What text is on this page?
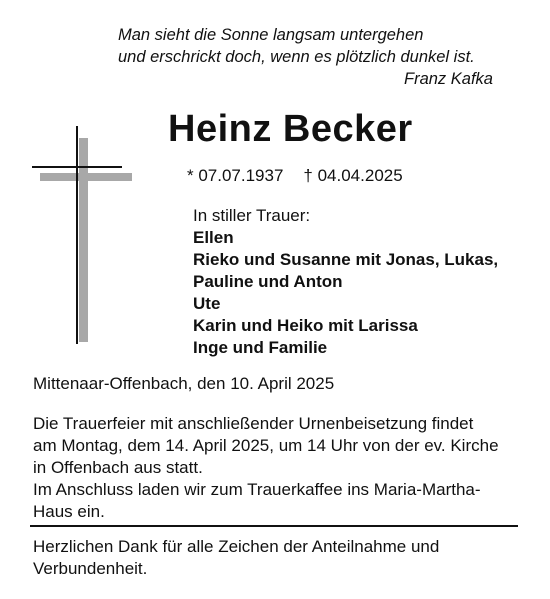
Man sieht die Sonne langsam untergehen
und erschrickt doch, wenn es plötzlich dunkel ist.
Franz Kafka
Heinz Becker
* 07.07.1937 † 04.04.2025
In stiller Trauer:
Ellen
Rieko und Susanne mit Jonas, Lukas,
Pauline und Anton
Ute
Karin und Heiko mit Larissa
Inge und Familie
Mittenaar-Offenbach, den 10. April 2025
Die Trauerfeier mit anschließender Urnenbeisetzung findet
am Montag, dem 14. April 2025, um 14 Uhr von der ev. Kirche
in Offenbach aus statt.
Im Anschluss laden wir zum Trauerkaffee ins Maria-Martha-
Haus ein.
Herzlichen Dank für alle Zeichen der Anteilnahme und
Verbundenheit.
